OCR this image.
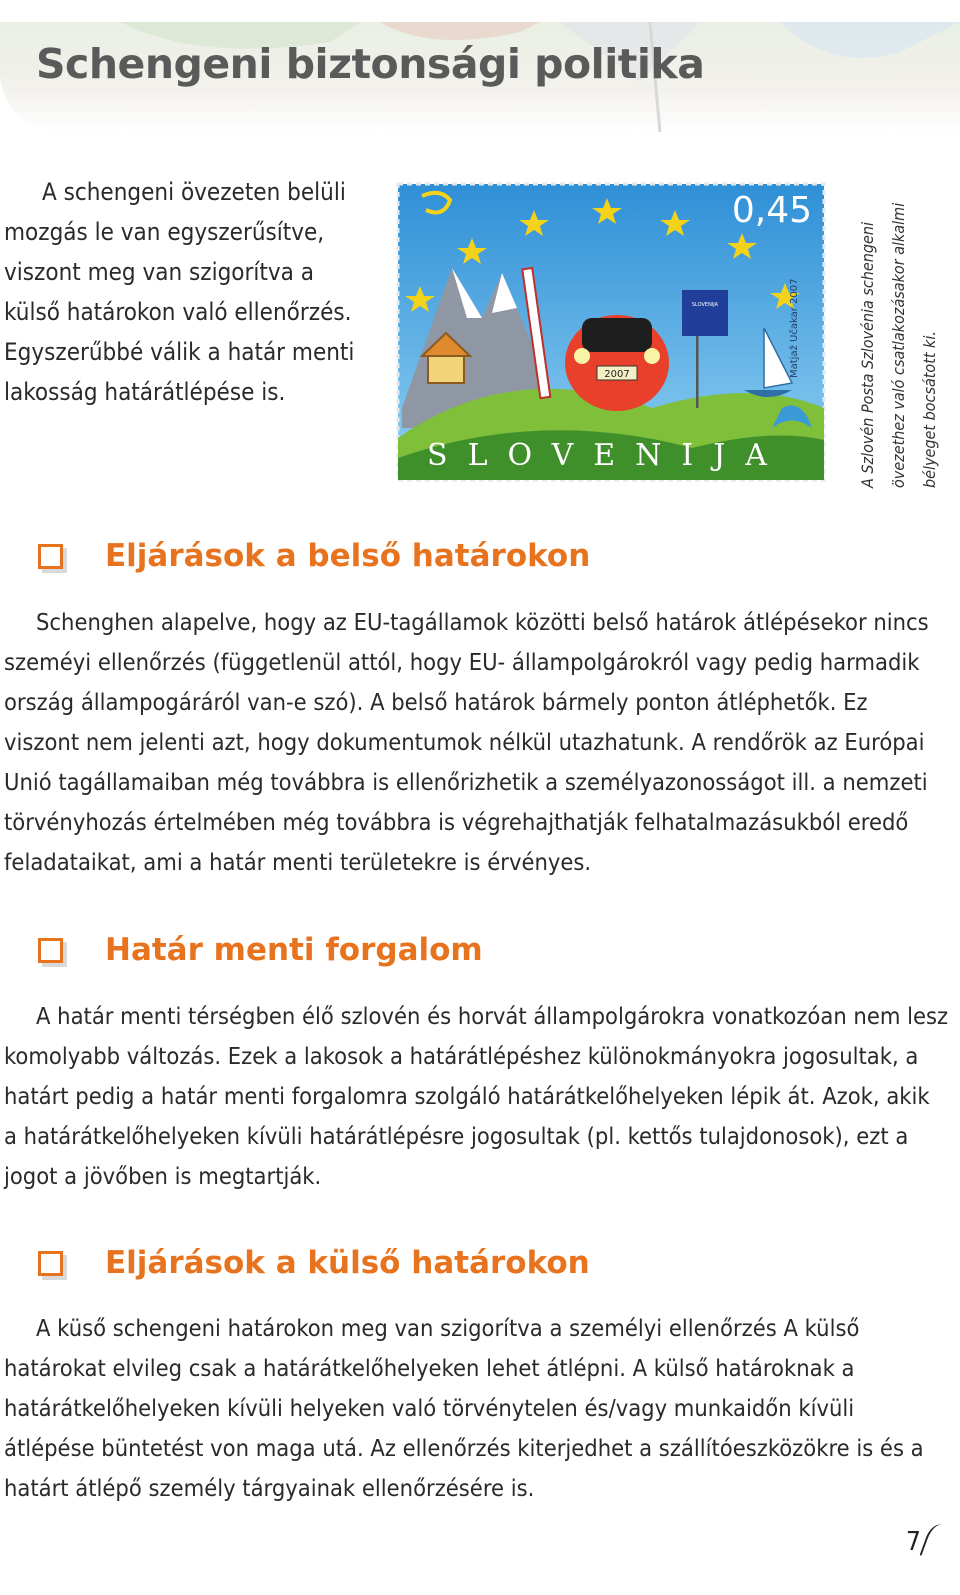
Schengeni biztonsági politika

A schengeni övezeten belüli mozgás le van egyszerűsítve, viszont meg van szigorítva a külső határokon való ellenőrzés. Egyszerűbbé válik a határ menti lakosság határátlépése is.

2007
SLOVENIJA
0,45
Matjaž Učakar 2007
SLOVENIJA	A Szlovén Posta Szlovénia schengeni övezethez való csatlakozásakor alkalmi bélyeget bocsátott ki.
Eljárások a belső határokon

Schenghen alapelve, hogy az EU-tagállamok közötti belső határok átlépésekor nincs szeméyi ellenőrzés (függetlenül attól, hogy EU- állampolgárokról vagy pedig harmadik ország állampogáráról van-e szó). A belső határok bármely ponton átléphetők. Ez viszont nem jelenti azt, hogy dokumentumok nélkül utazhatunk. A rendőrök az Európai Unió tagállamaiban még továbbra is ellenőrizhetik a személyazonosságot ill. a nemzeti törvényhozás értelmében még továbbra is végrehajthatják felhatalmazásukból eredő feladataikat, ami a határ menti területekre is érvényes.

Határ menti forgalom

A határ menti térségben élő szlovén és horvát állampolgárokra vonatkozóan nem lesz komolyabb változás. Ezek a lakosok a határátlépéshez különokmányokra jogosultak, a határt pedig a határ menti forgalomra szolgáló határátkelőhelyeken lépik át. Azok, akik a határátkelőhelyeken kívüli határátlépésre jogosultak (pl. kettős tulajdonosok), ezt a jogot a jövőben is megtartják.

Eljárások a külső határokon

A küső schengeni határokon meg van szigorítva a személyi ellenőrzés A külső határokat elvileg csak a határátkelőhelyeken lehet átlépni. A külső határoknak a határátkelőhelyeken kívüli helyeken való törvénytelen és/vagy munkaidőn kívüli átlépése büntetést von maga utá. Az ellenőrzés kiterjedhet a szállítóeszközökre is és a határt átlépő személy tárgyainak ellenőrzésére is.

7
